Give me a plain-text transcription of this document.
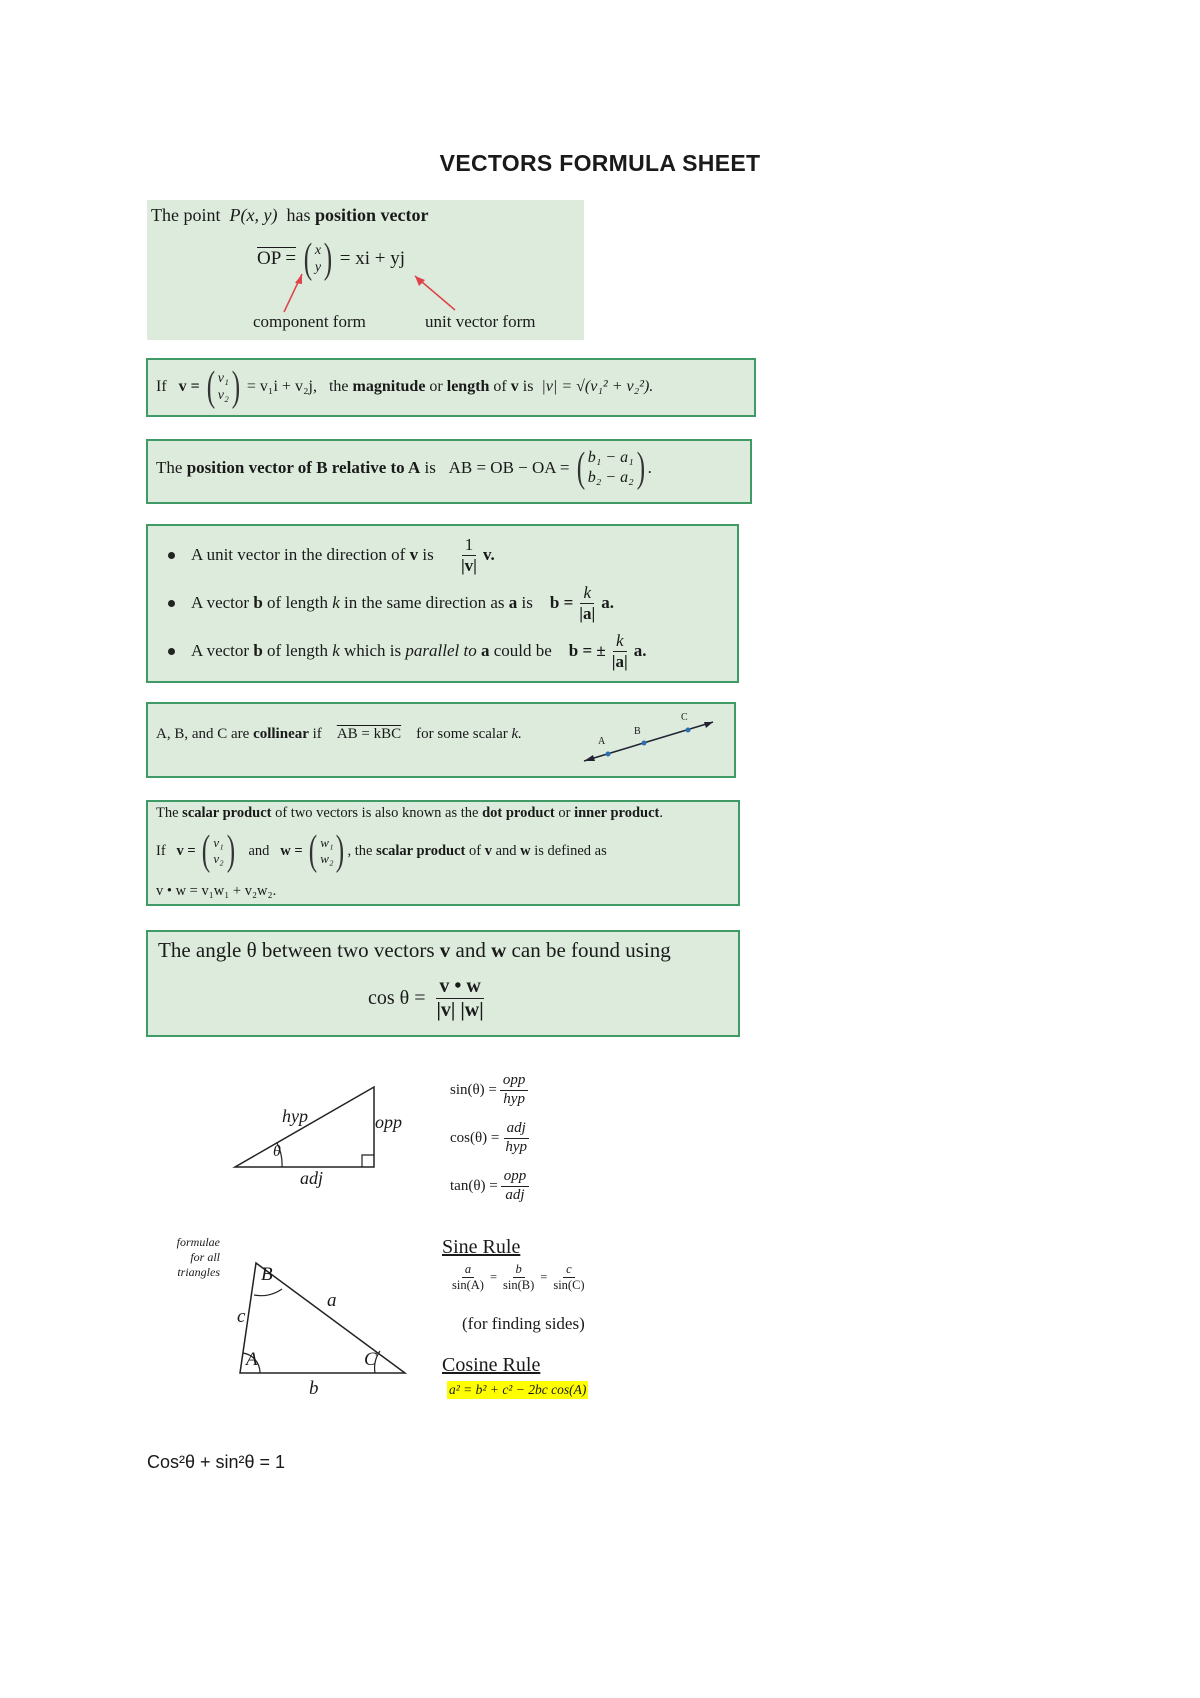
VECTORS FORMULA SHEET
The point
P(x, y)
has
position vector
OP =
( x
y )
= xi + yj
component form	unit vector form
If
v =
( v₁
v₂ )
= v₁i + v₂j,
the
magnitude
or
length
of
v
is
|v| = √(v₁² + v₂²).
The
position vector of B relative to A
is
AB = OB − OA =
( b₁ − a₁
b₂ − a₂ ) .
A unit vector in the direction of
v
is
$\frac{1}{|v|} v$.
A vector
b
of length
k
in the same direction as
a
is
$b = \frac{k}{|a|} a$.
A vector
b
of length
k
which is
parallel to
a
could be
b = ± $\frac{k}{|a|} a$.
A, B, and C are
collinear
if
AB = kBC
for some scalar
k.	A
B
C
The
scalar product
of two vectors is also known as the
dot product
or
inner product .
If
v =
( v₁
v₂ )
and
w =
( w₁
w₂ ) , the
scalar product
of
v
and
w
is defined as
v • w = v₁w₁ + v₂w₂.
The angle θ between two vectors
v
and
w
can be found using
cos θ =
$\frac{v • w}{|v| |w|}$
hyp	opp
adj
θ
$\sin(\theta) = \frac{\text{opp}}{\text{hyp}}$
$\cos(\theta) = \frac{\text{adj}}{\text{hyp}}$
$\tan(\theta) = \frac{\text{opp}}{\text{adj}}$
formulae
for all
triangles B
A	C
a
b
c
Sine Rule
$\frac{a}{\sin(A)} = \frac{b}{\sin(B)} = \frac{c}{\sin(C)}$
(for finding sides)
Cosine Rule
a² = b² + c² − 2bc cos(A)
Cos²θ + sin²θ = 1
